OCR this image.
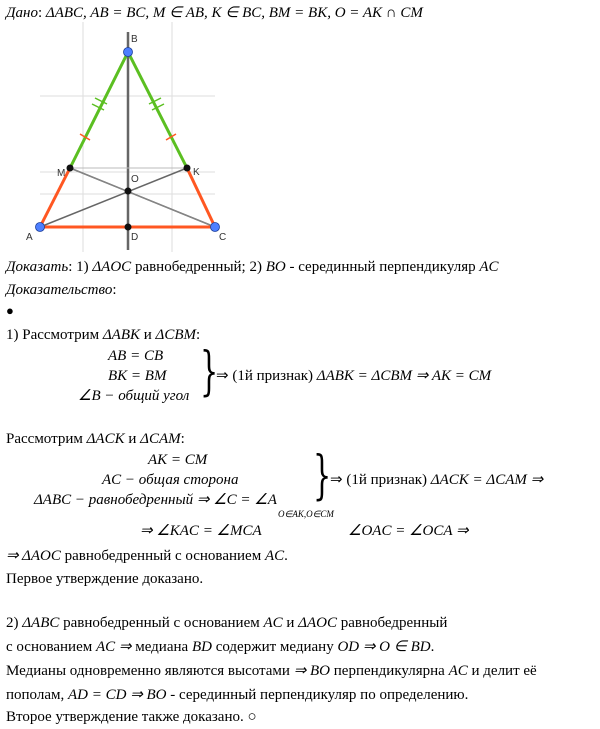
Дано: ΔABC, AB = BC, M ∈ AB, K ∈ BC, BM = BK, O = AK ∩ CM
B
M	K
O
A	D	C
Доказать: 1) ΔAOC равнобедренный; 2) BO - серединный перпендикуляр AC
Доказательство:
●
1) Рассмотрим ΔABK и ΔCBM:
AB = CB
BK = BM
∠B − общий угол }
⇒ (1й признак) ΔABK = ΔCBM ⇒ AK = CM
Рассмотрим ΔACK и ΔCAM:
AK = CM
AC − общая сторона
ΔABC − равнобедренный ⇒ ∠C = ∠A }
⇒ (1й признак) ΔACK = ΔCAM ⇒
⇒ ∠KAC = ∠MCA
O∈AK,O∈CM
∠OAC = ∠OCA ⇒
⇒ ΔAOC равнобедренный с основанием AC.
Первое утверждение доказано.
2) ΔABC равнобедренный с основанием AC и ΔAOC равнобедренный
с основанием AC ⇒ медиана BD содержит медиану OD ⇒ O ∈ BD.
Медианы одновременно являются высотами ⇒ BO перпендикулярна AC и делит её
пополам, AD = CD ⇒ BO - серединный перпендикуляр по определению.
Второе утверждение также доказано. ○
